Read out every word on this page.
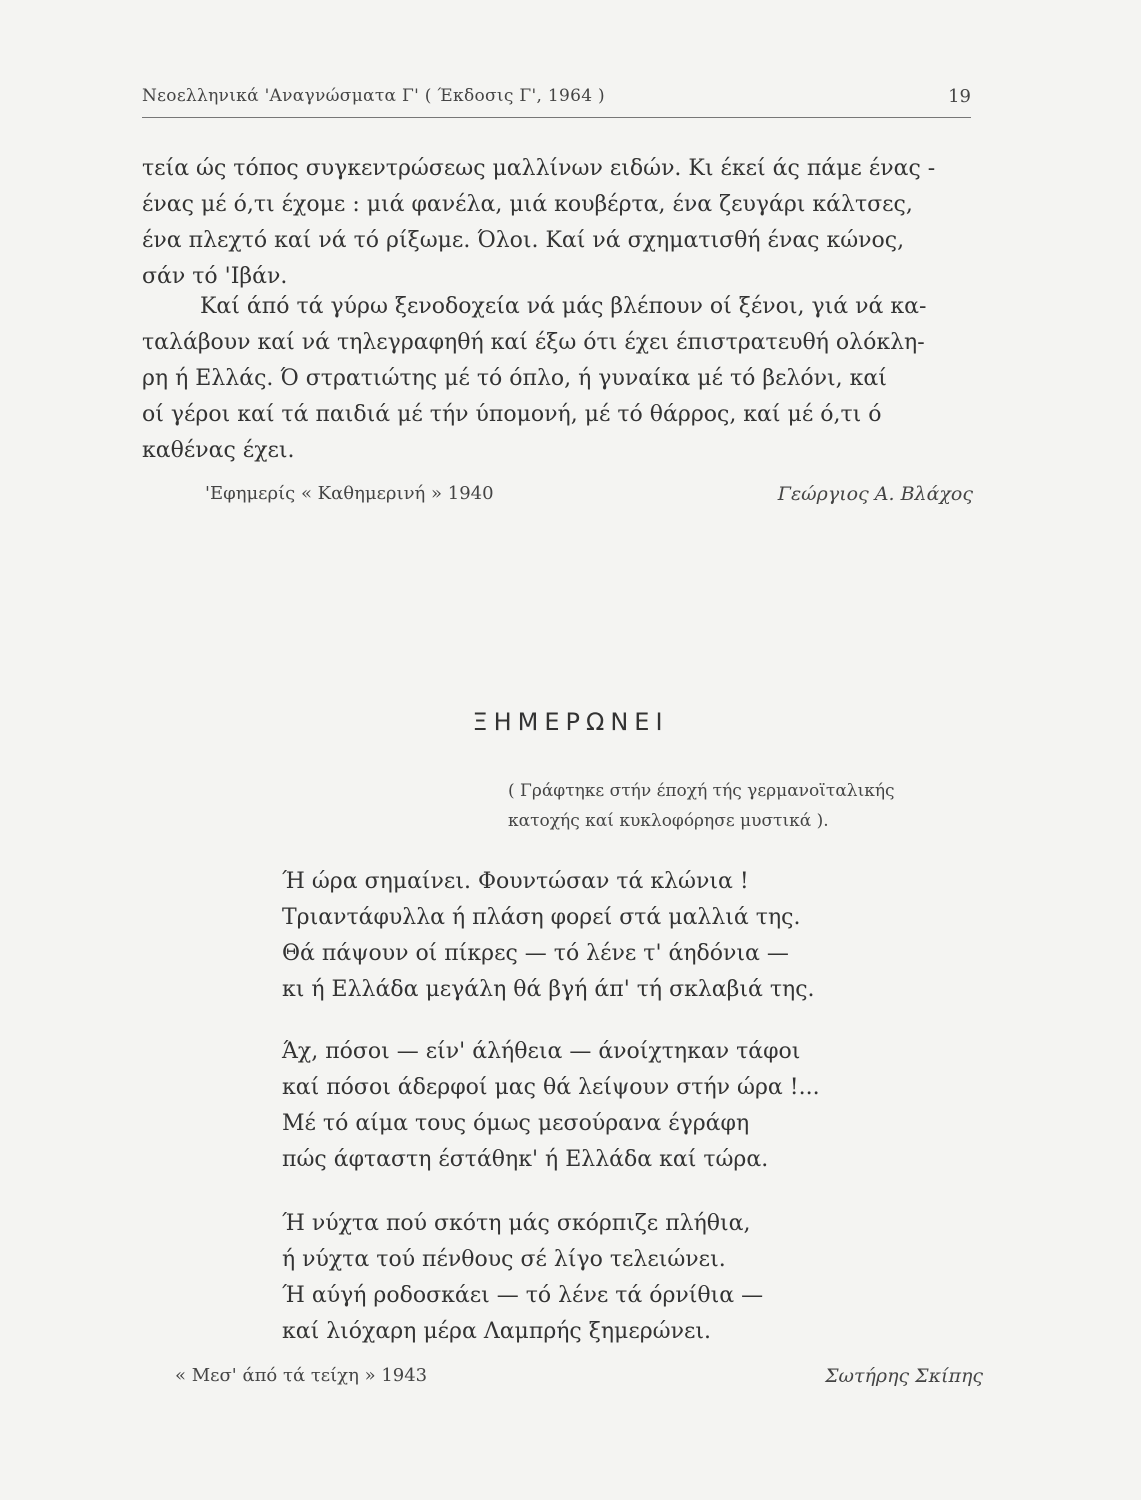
Νεοελληνικά 'Αναγνώσματα Γ' ( Έκδοσις Γ', 1964 )	19
τεία ώς τόπος συγκεντρώσεως μαλλίνων ειδών. Κι έκεί άς πάμε ένας -
ένας μέ ό,τι έχομε : μιά φανέλα, μιά κουβέρτα, ένα ζευγάρι κάλτσες,
ένα πλεχτό καί νά τό ρίξωμε. Όλοι. Καί νά σχηματισθή ένας κώνος,
σάν τό 'Ιβάν.
Καί άπό τά γύρω ξενοδοχεία νά μάς βλέπουν οί ξένοι, γιά νά κα-
ταλάβουν καί νά τηλεγραφηθή καί έξω ότι έχει έπιστρατευθή ολόκλη-
ρη ή Ελλάς. Ό στρατιώτης μέ τό όπλο, ή γυναίκα μέ τό βελόνι, καί
οί γέροι καί τά παιδιά μέ τήν ύπομονή, μέ τό θάρρος, καί μέ ό,τι ό
καθένας έχει.
'Εφημερίς « Καθημερινή » 1940	Γεώργιος Α. Βλάχος
ΞΗΜΕΡΩΝΕΙ
( Γράφτηκε στήν έποχή τής γερμανοϊταλικής
κατοχής καί κυκλοφόρησε μυστικά ).
Ή ώρα σημαίνει. Φουντώσαν τά κλώνια !
Τριαντάφυλλα ή πλάση φορεί στά μαλλιά της.
Θά πάψουν οί πίκρες — τό λένε τ' άηδόνια —
κι ή Ελλάδα μεγάλη θά βγή άπ' τή σκλαβιά της.
Άχ, πόσοι — είν' άλήθεια — άνοίχτηκαν τάφοι
καί πόσοι άδερφοί μας θά λείψουν στήν ώρα !...
Μέ τό αίμα τους όμως μεσούρανα έγράφη
πώς άφταστη έστάθηκ' ή Ελλάδα καί τώρα.
Ή νύχτα πού σκότη μάς σκόρπιζε πλήθια,
ή νύχτα τού πένθους σέ λίγο τελειώνει.
Ή αύγή ροδοσκάει — τό λένε τά όρνίθια —
καί λιόχαρη μέρα Λαμπρής ξημερώνει.
« Μεσ' άπό τά τείχη » 1943	Σωτήρης Σκίπης
